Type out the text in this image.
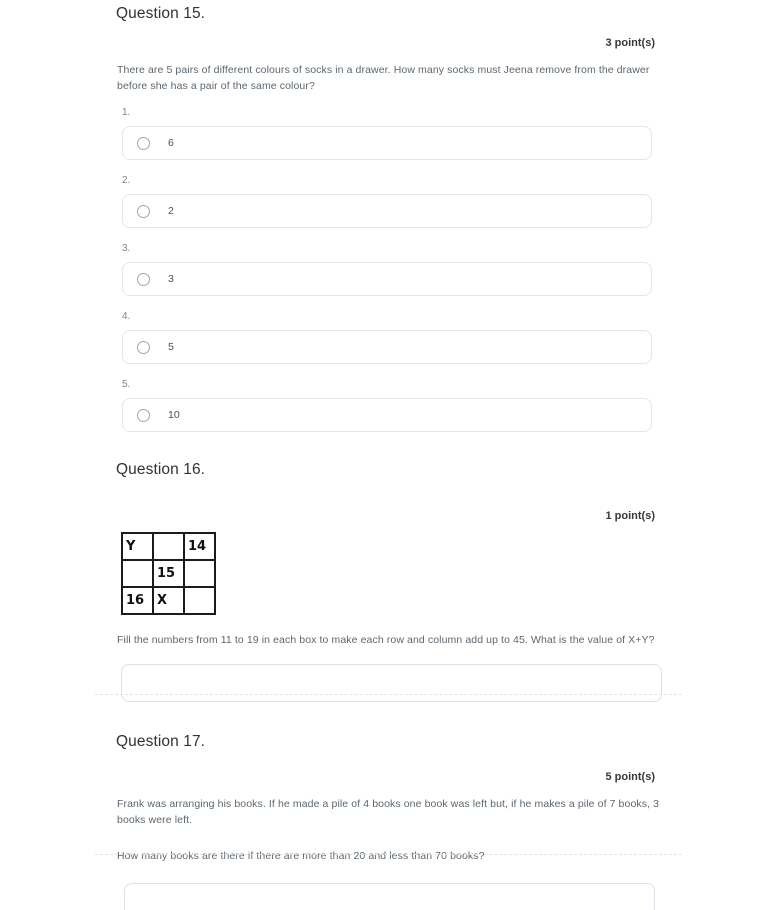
Question 15.
3 point(s)
There are 5 pairs of different colours of socks in a drawer. How many socks must Jeena remove from the drawer before she has a pair of the same colour?
1.
6
2.
2
3.
3
4.
5
5.
10
Question 16.
1 point(s)
Y		14
	15	
16	X	
Fill the numbers from 11 to 19 in each box to make each row and column add up to 45. What is the value of X+Y?
Question 17.
5 point(s)
Frank was arranging his books. If he made a pile of 4 books one book was left but, if he makes a pile of 7 books, 3 books were left.
How many books are there if there are more than 20 and less than 70 books?
